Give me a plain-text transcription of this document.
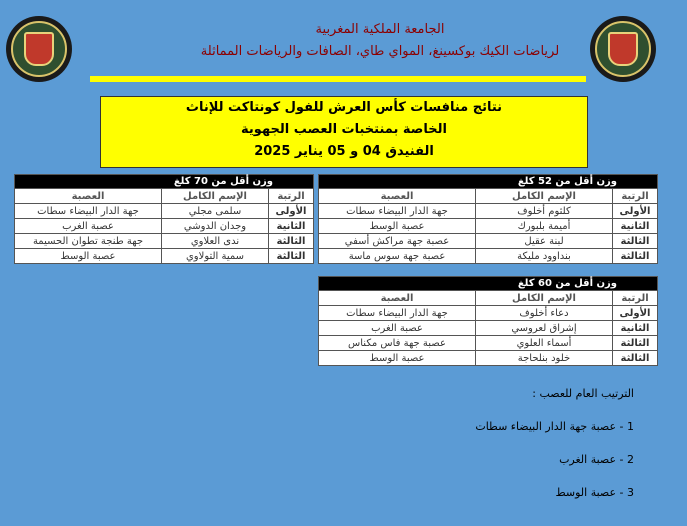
الجامعة الملكية المغربية
لرياضات الكيك بوكسينغ، المواي طاي، الصافات والرياضات المماثلة
نتائج منافسات كأس العرش للفول كونتاكت للإناث
الخاصة بمنتخبات العصب الجهوية
الفنيدق 04 و 05 يناير 2025
وزن أقل من 52 كلغ		
الرتبة	الإسم الكامل	العصبة
الأولى	كلثوم أخلوف	جهة الدار البيضاء سطات
الثانية	أميمة بلبورك	عصبة الوسط
الثالثة	لبنة عقيل	عصبة جهة مراكش أسفي
الثالثة	بنداوود مليكة	عصبة جهة سوس ماسة
وزن أقل من 70 كلغ		
الرتبة	الإسم الكامل	العصبة
الأولى	سلمى مجلي	جهة الدار البيضاء سطات
الثانية	وجدان الدوشي	عصبة الغرب
الثالثة	ندى العلاوي	جهة طنجة تطوان الحسيمة
الثالثة	سمية التولاوي	عصبة الوسط
وزن أقل من 60 كلغ		
الرتبة	الإسم الكامل	العصبة
الأولى	دعاء أخلوف	جهة الدار البيضاء سطات
الثانية	إشراق لعروسي	عصبة الغرب
الثالثة	أسماء العلوي	عصبة جهة فاس مكناس
الثالثة	خلود بنلحاجة	عصبة الوسط
الترتيب العام للعصب :
1 - عصبة جهة الدار البيضاء سطات
2 - عصبة الغرب
3 - عصبة الوسط
